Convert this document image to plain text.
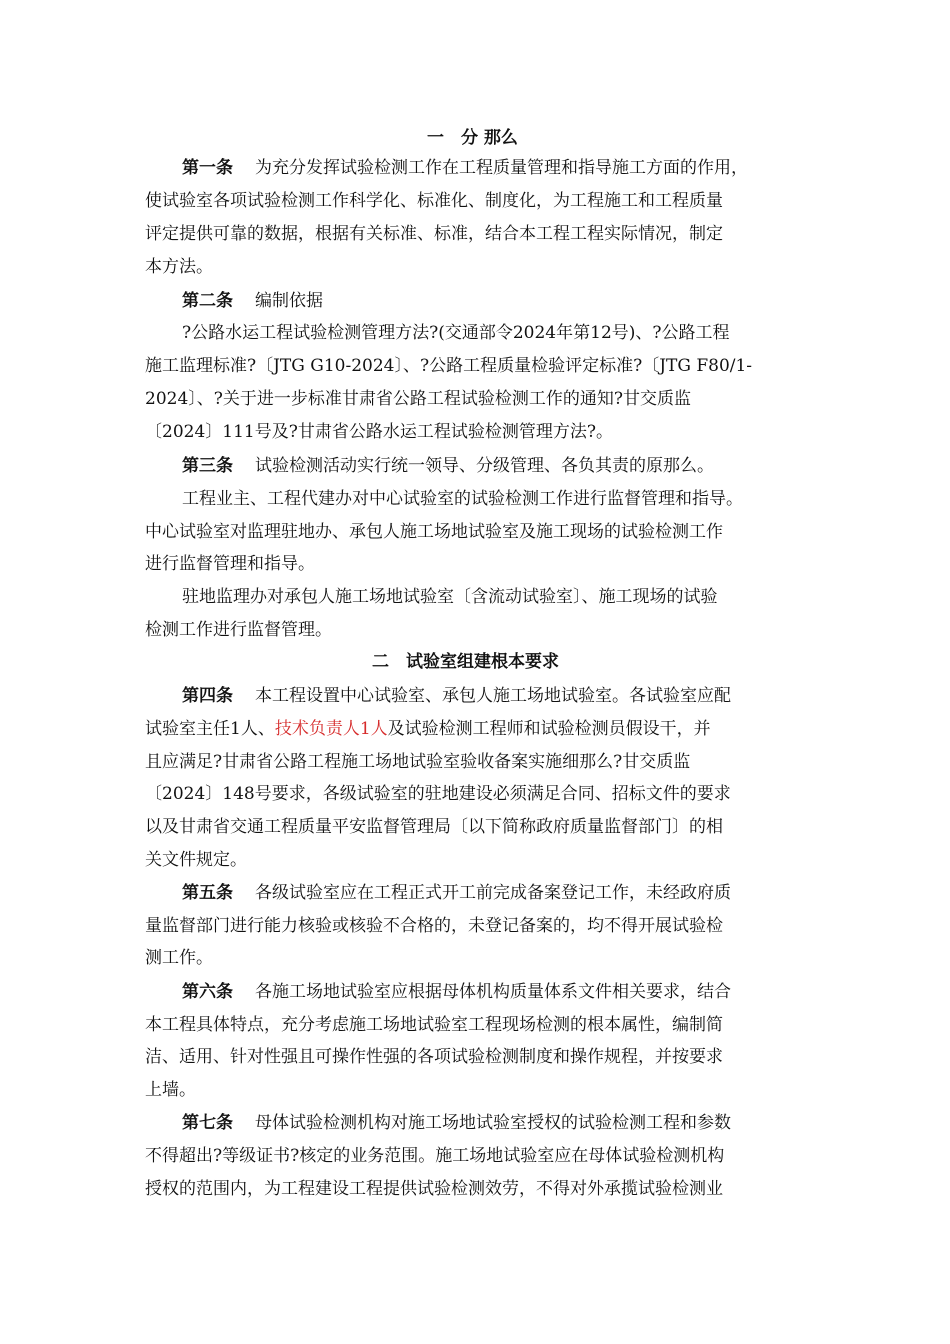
一　分 那么
第一条 为充分发挥试验检测工作在工程质量管理和指导施工方面的作用，
使试验室各项试验检测工作科学化、标准化、制度化，为工程施工和工程质量
评定提供可靠的数据，根据有关标准、标准，结合本工程工程实际情况，制定
本方法。
第二条 编制依据
?公路水运工程试验检测管理方法?(交通部令2024年第12号)、?公路工程
施工监理标准?〔JTG G10-2024〕、?公路工程质量检验评定标准?〔JTG F80/1-
2024〕、?关于进一步标准甘肃省公路工程试验检测工作的通知?甘交质监
〔2024〕111号及?甘肃省公路水运工程试验检测管理方法?。
第三条 试验检测活动实行统一领导、分级管理、各负其责的原那么。
工程业主、工程代建办对中心试验室的试验检测工作进行监督管理和指导。
中心试验室对监理驻地办、承包人施工场地试验室及施工现场的试验检测工作
进行监督管理和指导。
驻地监理办对承包人施工场地试验室〔含流动试验室〕、施工现场的试验
检测工作进行监督管理。
二　试验室组建根本要求
第四条 本工程设置中心试验室、承包人施工场地试验室。各试验室应配
试验室主任1人、技术负责人1人及试验检测工程师和试验检测员假设干，并
且应满足?甘肃省公路工程施工场地试验室验收备案实施细那么?甘交质监
〔2024〕148号要求，各级试验室的驻地建设必须满足合同、招标文件的要求
以及甘肃省交通工程质量平安监督管理局〔以下简称政府质量监督部门〕的相
关文件规定。
第五条 各级试验室应在工程正式开工前完成备案登记工作，未经政府质
量监督部门进行能力核验或核验不合格的，未登记备案的，均不得开展试验检
测工作。
第六条 各施工场地试验室应根据母体机构质量体系文件相关要求，结合
本工程具体特点，充分考虑施工场地试验室工程现场检测的根本属性，编制简
洁、适用、针对性强且可操作性强的各项试验检测制度和操作规程，并按要求
上墙。
第七条 母体试验检测机构对施工场地试验室授权的试验检测工程和参数
不得超出?等级证书?核定的业务范围。施工场地试验室应在母体试验检测机构
授权的范围内，为工程建设工程提供试验检测效劳，不得对外承揽试验检测业
